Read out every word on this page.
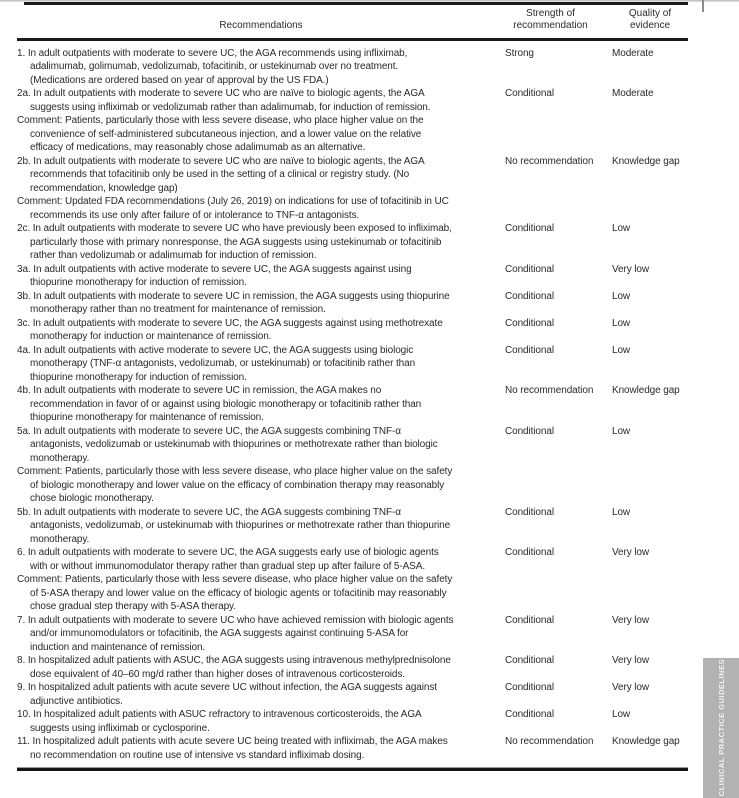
Recommendations
Strength of recommendation
Quality of evidence
1. In adult outpatients with moderate to severe UC, the AGA recommends using infliximab,
adalimumab, golimumab, vedolizumab, tofacitinib, or ustekinumab over no treatment.
(Medications are ordered based on year of approval by the US FDA.)
Strong	Moderate
2a. In adult outpatients with moderate to severe UC who are naïve to biologic agents, the AGA
suggests using infliximab or vedolizumab rather than adalimumab, for induction of remission.
Conditional	Moderate
Comment: Patients, particularly those with less severe disease, who place higher value on the
convenience of self-administered subcutaneous injection, and a lower value on the relative
efficacy of medications, may reasonably chose adalimumab as an alternative.
2b. In adult outpatients with moderate to severe UC who are naïve to biologic agents, the AGA
recommends that tofacitinib only be used in the setting of a clinical or registry study. (No
recommendation, knowledge gap)
No recommendation	Knowledge gap
Comment: Updated FDA recommendations (July 26, 2019) on indications for use of tofacitinib in UC
recommends its use only after failure of or intolerance to TNF-α antagonists.
2c. In adult outpatients with moderate to severe UC who have previously been exposed to infliximab,
particularly those with primary nonresponse, the AGA suggests using ustekinumab or tofacitinib
rather than vedolizumab or adalimumab for induction of remission.
Conditional	Low
3a. In adult outpatients with active moderate to severe UC, the AGA suggests against using
thiopurine monotherapy for induction of remission.
Conditional	Very low
3b. In adult outpatients with moderate to severe UC in remission, the AGA suggests using thiopurine
monotherapy rather than no treatment for maintenance of remission.
Conditional	Low
3c. In adult outpatients with moderate to severe UC, the AGA suggests against using methotrexate
monotherapy for induction or maintenance of remission.
Conditional	Low
4a. In adult outpatients with active moderate to severe UC, the AGA suggests using biologic
monotherapy (TNF-α antagonists, vedolizumab, or ustekinumab) or tofacitinib rather than
thiopurine monotherapy for induction of remission.
Conditional	Low
4b. In adult outpatients with moderate to severe UC in remission, the AGA makes no
recommendation in favor of or against using biologic monotherapy or tofacitinib rather than
thiopurine monotherapy for maintenance of remission.
No recommendation	Knowledge gap
5a. In adult outpatients with moderate to severe UC, the AGA suggests combining TNF-α
antagonists, vedolizumab or ustekinumab with thiopurines or methotrexate rather than biologic
monotherapy.
Conditional	Low
Comment: Patients, particularly those with less severe disease, who place higher value on the safety
of biologic monotherapy and lower value on the efficacy of combination therapy may reasonably
chose biologic monotherapy.
5b. In adult outpatients with moderate to severe UC, the AGA suggests combining TNF-α
antagonists, vedolizumab, or ustekinumab with thiopurines or methotrexate rather than thiopurine
monotherapy.
Conditional	Low
6. In adult outpatients with moderate to severe UC, the AGA suggests early use of biologic agents
with or without immunomodulator therapy rather than gradual step up after failure of 5-ASA.
Conditional	Very low
Comment: Patients, particularly those with less severe disease, who place higher value on the safety
of 5-ASA therapy and lower value on the efficacy of biologic agents or tofacitinib may reasonably
chose gradual step therapy with 5-ASA therapy.
7. In adult outpatients with moderate to severe UC who have achieved remission with biologic agents
and/or immunomodulators or tofacitinib, the AGA suggests against continuing 5-ASA for
induction and maintenance of remission.
Conditional	Very low
8. In hospitalized adult patients with ASUC, the AGA suggests using intravenous methylprednisolone
dose equivalent of 40–60 mg/d rather than higher doses of intravenous corticosteroids.
Conditional	Very low
9. In hospitalized adult patients with acute severe UC without infection, the AGA suggests against
adjunctive antibiotics.
Conditional	Very low
10. In hospitalized adult patients with ASUC refractory to intravenous corticosteroids, the AGA
suggests using infliximab or cyclosporine.
Conditional	Low
11. In hospitalized adult patients with acute severe UC being treated with infliximab, the AGA makes
no recommendation on routine use of intensive vs standard infliximab dosing.
No recommendation	Knowledge gap	CLINICAL PRACTICE GUIDELINES
